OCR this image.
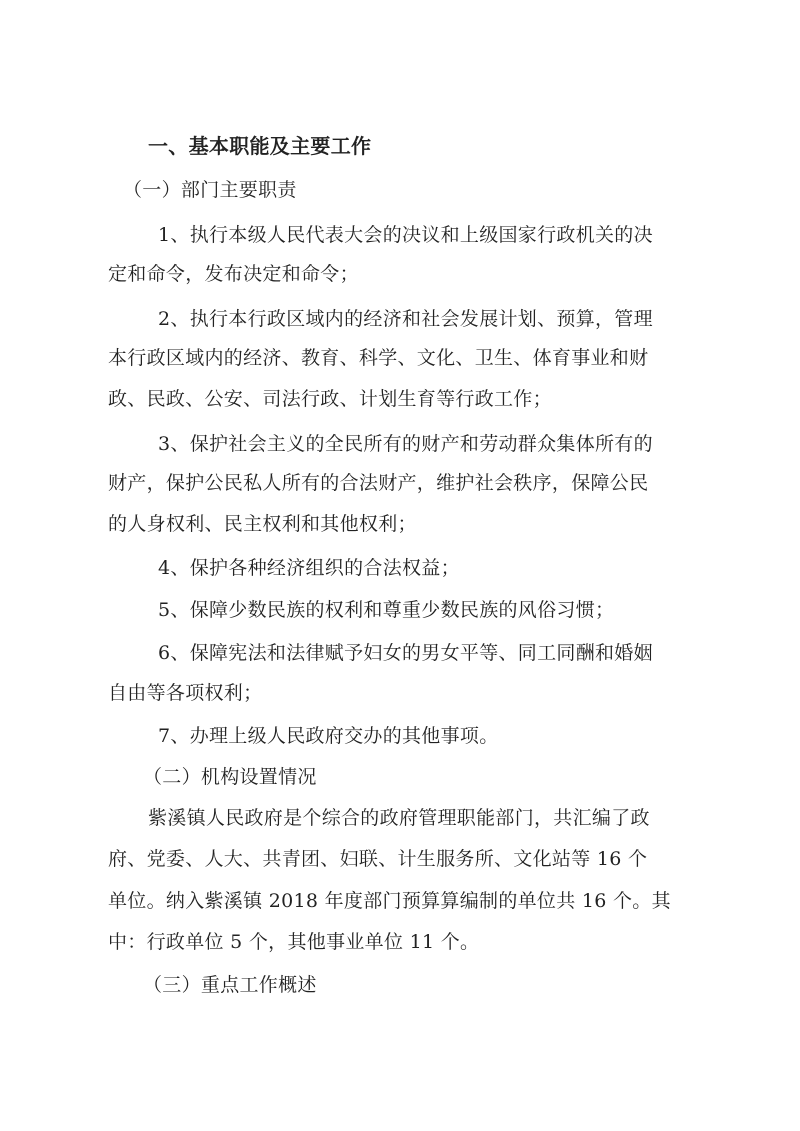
一、基本职能及主要工作
（一）部门主要职责
1、执行本级人民代表大会的决议和上级国家行政机关的决
定和命令，发布决定和命令；
2、执行本行政区域内的经济和社会发展计划、预算，管理
本行政区域内的经济、教育、科学、文化、卫生、体育事业和财
政、民政、公安、司法行政、计划生育等行政工作；
3、保护社会主义的全民所有的财产和劳动群众集体所有的
财产，保护公民私人所有的合法财产，维护社会秩序，保障公民
的人身权利、民主权利和其他权利；
4、保护各种经济组织的合法权益；
5、保障少数民族的权利和尊重少数民族的风俗习惯；
6、保障宪法和法律赋予妇女的男女平等、同工同酬和婚姻
自由等各项权利；
7、办理上级人民政府交办的其他事项。
（二）机构设置情况
紫溪镇人民政府是个综合的政府管理职能部门，共汇编了政
府、党委、人大、共青团、妇联、计生服务所、文化站等 16 个
单位。纳入紫溪镇 2018 年度部门预算算编制的单位共 16 个。其
中：行政单位 5 个，其他事业单位 11 个。
（三）重点工作概述
